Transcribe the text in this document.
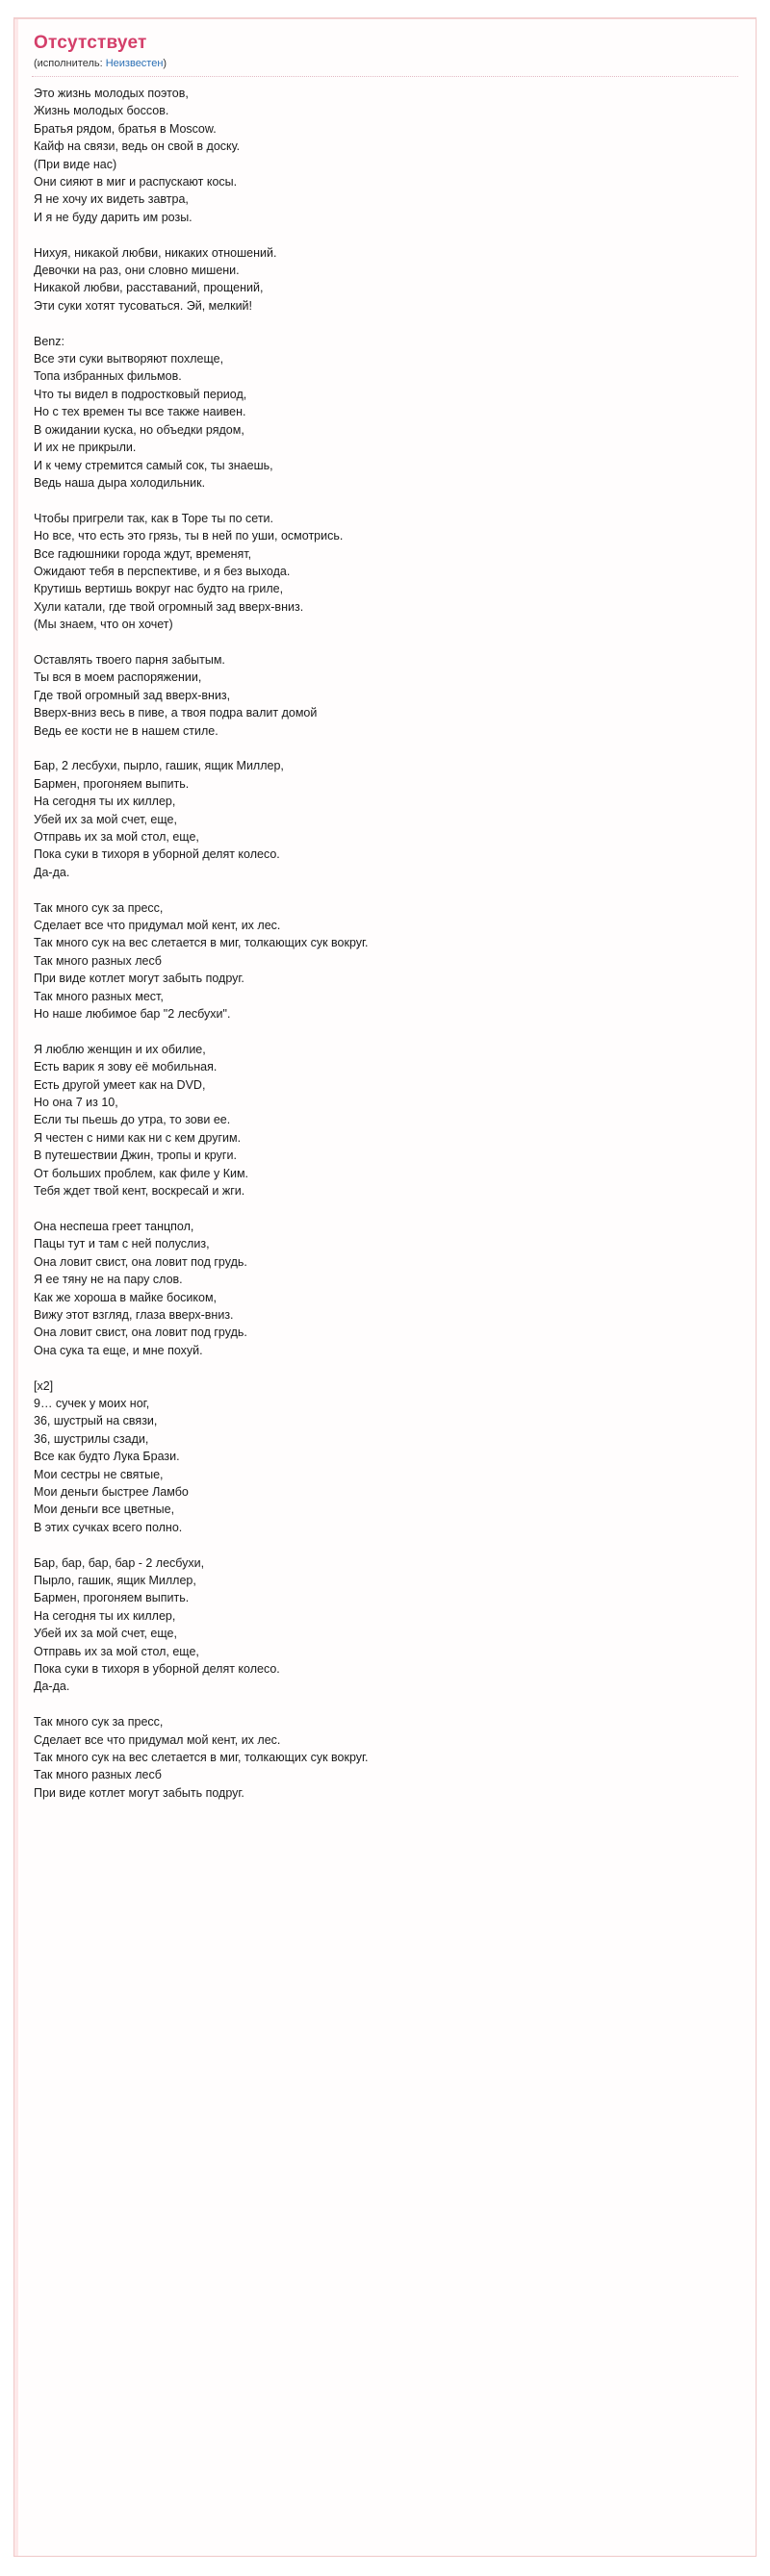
Отсутствует
(исполнитель: Неизвестен)
Это жизнь молодых поэтов,
Жизнь молодых боссов.
Братья рядом, братья в Moscow.
Кайф на связи, ведь он свой в доску.
(При виде нас)
Они сияют в миг и распускают косы.
Я не хочу их видеть завтра,
И я не буду дарить им розы.
Нихуя, никакой любви, никаких отношений.
Девочки на раз, они словно мишени.
Никакой любви, расставаний, прощений,
Эти суки хотят тусоваться. Эй, мелкий!
Benz:
Все эти суки вытворяют похлеще,
Топа избранных фильмов.
Что ты видел в подростковый период,
Но с тех времен ты все также наивен.
В ожидании куска, но объедки рядом,
И их не прикрыли.
И к чему стремится самый сок, ты знаешь,
Ведь наша дыра холодильник.
Чтобы пригрели так, как в Торе ты по сети.
Но все, что есть это грязь, ты в ней по уши, осмотрись.
Все гадюшники города ждут, временят,
Ожидают тебя в перспективе, и я без выхода.
Крутишь вертишь вокруг нас будто на гриле,
Хули катали, где твой огромный зад вверх-вниз.
(Мы знаем, что он хочет)
Оставлять твоего парня забытым.
Ты вся в моем распоряжении,
Где твой огромный зад вверх-вниз,
Вверх-вниз весь в пиве, а твоя подра валит домой
Ведь ее кости не в нашем стиле.
Бар, 2 лесбухи, пырло, гашик, ящик Миллер,
Бармен, прогоняем выпить.
На сегодня ты их киллер,
Убей их за мой счет, еще,
Отправь их за мой стол, еще,
Пока суки в тихоря в уборной делят колесо.
Да-да.
Так много сук за пресс,
Сделает все что придумал мой кент, их лес.
Так много сук на вес слетается в миг, толкающих сук вокруг.
Так много разных лесб
При виде котлет могут забыть подруг.
Так много разных мест,
Но наше любимое бар "2 лесбухи".
Я люблю женщин и их обилие,
Есть варик я зову её мобильная.
Есть другой умеет как на DVD,
Но она 7 из 10,
Если ты пьешь до утра, то зови ее.
Я честен с ними как ни с кем другим.
В путешествии Джин, тропы и круги.
От больших проблем, как филе у Ким.
Тебя ждет твой кент, воскресай и жги.
Она неспеша греет танцпол,
Пацы тут и там с ней полуслиз,
Она ловит свист, она ловит под грудь.
Я ее тяну не на пару слов.
Как же хороша в майке босиком,
Вижу этот взгляд, глаза вверх-вниз.
Она ловит свист, она ловит под грудь.
Она сука та еще, и мне похуй.
[x2]
9… сучек у моих ног,
36, шустрый на связи,
36, шустрилы сзади,
Все как будто Лука Брази.
Мои сестры не святые,
Мои деньги быстрее Ламбо
Мои деньги все цветные,
В этих сучках всего полно.
Бар, бар, бар, бар - 2 лесбухи,
Пырло, гашик, ящик Миллер,
Бармен, прогоняем выпить.
На сегодня ты их киллер,
Убей их за мой счет, еще,
Отправь их за мой стол, еще,
Пока суки в тихоря в уборной делят колесо.
Да-да.
Так много сук за пресс,
Сделает все что придумал мой кент, их лес.
Так много сук на вес слетается в миг, толкающих сук вокруг.
Так много разных лесб
При виде котлет могут забыть подруг.
